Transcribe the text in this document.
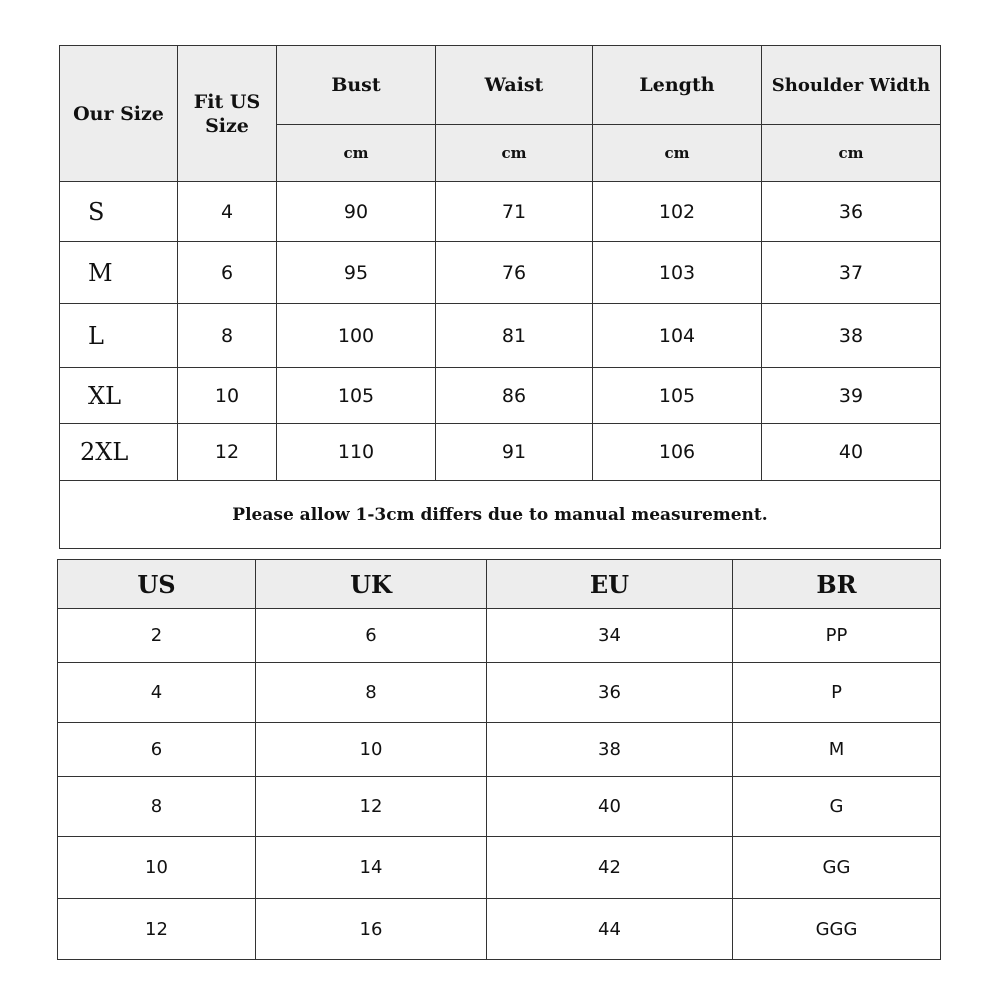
Our Size	Fit US Size	Bust	Waist	Length	Shoulder Width
		cm	cm	cm	cm
S	4	90	71	102	36
M	6	95	76	103	37
L	8	100	81	104	38
XL	10	105	86	105	39
2XL	12	110	91	106	40
Please allow 1-3cm differs due to manual measurement.					
US	UK	EU	BR
2	6	34	PP
4	8	36	P
6	10	38	M
8	12	40	G
10	14	42	GG
12	16	44	GGG
